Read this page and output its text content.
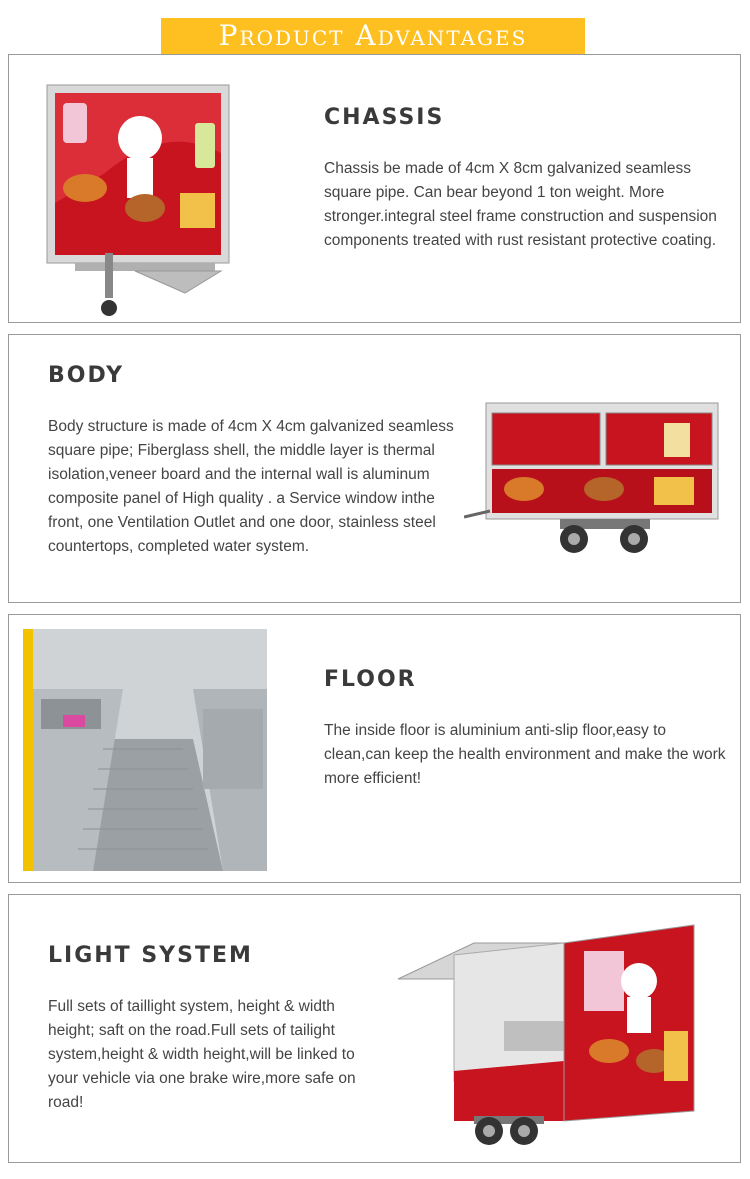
Product Advantages
CHASSIS
Chassis be made of 4cm X 8cm galvanized seamless square pipe. Can bear beyond 1 ton weight. More stronger.integral steel frame construction and suspension components treated with rust resistant protective coating.
BODY
Body structure is made of 4cm X 4cm galvanized seamless square pipe; Fiberglass shell, the middle layer is thermal isolation,veneer board and the internal wall is aluminum composite panel of High quality . a Service window inthe front, one Ventilation Outlet and one door, stainless steel countertops, completed water system.
FLOOR
The inside floor is aluminium anti-slip floor,easy to clean,can keep the health environment and make the work more efficient!
LIGHT SYSTEM
Full sets of taillight system, height & width height; saft on the road.Full sets of tailight system,height & width height,will be linked to your vehicle via one brake wire,more safe on road!
